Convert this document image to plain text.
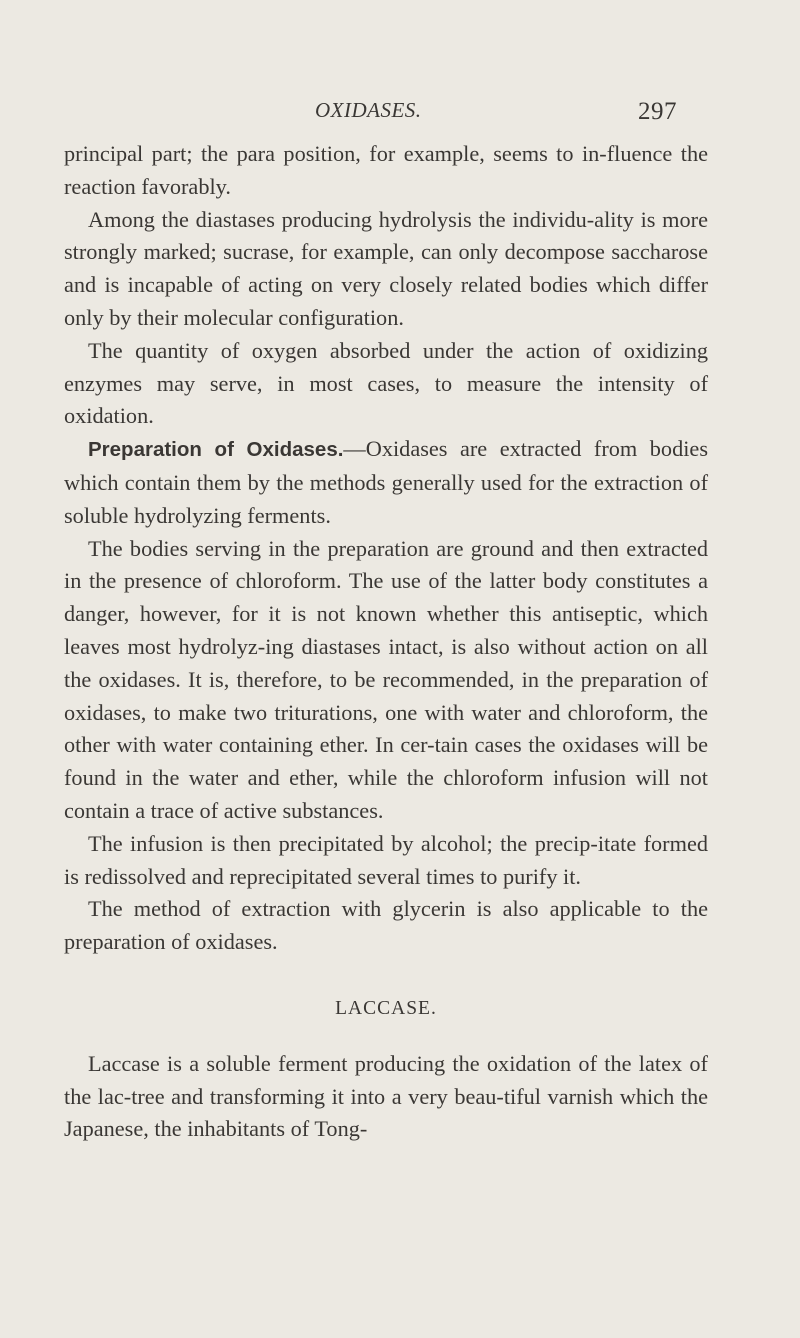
OXIDASES.	297

principal part; the para position, for example, seems to in-fluence the reaction favorably.

Among the diastases producing hydrolysis the individu-ality is more strongly marked; sucrase, for example, can only decompose saccharose and is incapable of acting on very closely related bodies which differ only by their molecular configuration.

The quantity of oxygen absorbed under the action of oxidizing enzymes may serve, in most cases, to measure the intensity of oxidation.

Preparation of Oxidases.—Oxidases are extracted from bodies which contain them by the methods generally used for the extraction of soluble hydrolyzing ferments.

The bodies serving in the preparation are ground and then extracted in the presence of chloroform. The use of the latter body constitutes a danger, however, for it is not known whether this antiseptic, which leaves most hydrolyz-ing diastases intact, is also without action on all the oxidases. It is, therefore, to be recommended, in the preparation of oxidases, to make two triturations, one with water and chloroform, the other with water containing ether. In cer-tain cases the oxidases will be found in the water and ether, while the chloroform infusion will not contain a trace of active substances.

The infusion is then precipitated by alcohol; the precip-itate formed is redissolved and reprecipitated several times to purify it.

The method of extraction with glycerin is also applicable to the preparation of oxidases.

LACCASE.

Laccase is a soluble ferment producing the oxidation of the latex of the lac-tree and transforming it into a very beau-tiful varnish which the Japanese, the inhabitants of Tong-
